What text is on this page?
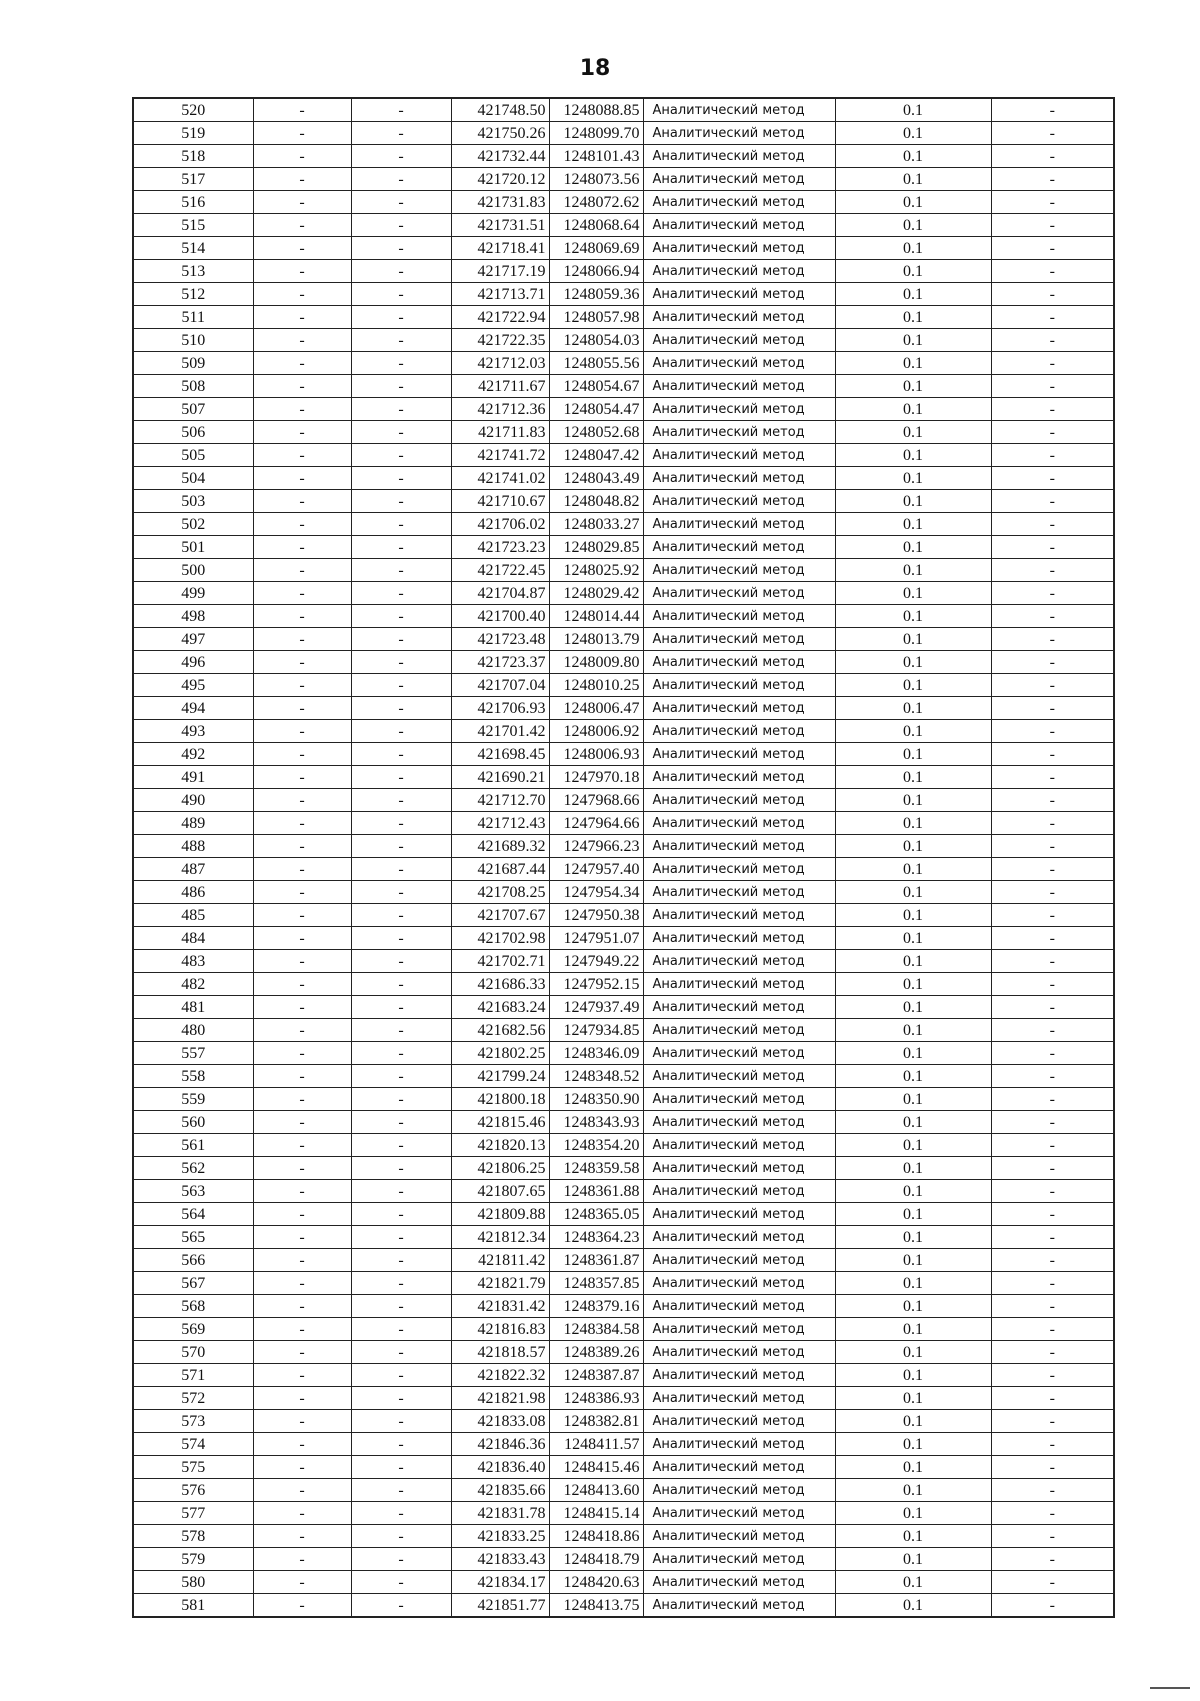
18
520	-	-	421748.50	1248088.85	Аналитический метод	0.1	-
519	-	-	421750.26	1248099.70	Аналитический метод	0.1	-
518	-	-	421732.44	1248101.43	Аналитический метод	0.1	-
517	-	-	421720.12	1248073.56	Аналитический метод	0.1	-
516	-	-	421731.83	1248072.62	Аналитический метод	0.1	-
515	-	-	421731.51	1248068.64	Аналитический метод	0.1	-
514	-	-	421718.41	1248069.69	Аналитический метод	0.1	-
513	-	-	421717.19	1248066.94	Аналитический метод	0.1	-
512	-	-	421713.71	1248059.36	Аналитический метод	0.1	-
511	-	-	421722.94	1248057.98	Аналитический метод	0.1	-
510	-	-	421722.35	1248054.03	Аналитический метод	0.1	-
509	-	-	421712.03	1248055.56	Аналитический метод	0.1	-
508	-	-	421711.67	1248054.67	Аналитический метод	0.1	-
507	-	-	421712.36	1248054.47	Аналитический метод	0.1	-
506	-	-	421711.83	1248052.68	Аналитический метод	0.1	-
505	-	-	421741.72	1248047.42	Аналитический метод	0.1	-
504	-	-	421741.02	1248043.49	Аналитический метод	0.1	-
503	-	-	421710.67	1248048.82	Аналитический метод	0.1	-
502	-	-	421706.02	1248033.27	Аналитический метод	0.1	-
501	-	-	421723.23	1248029.85	Аналитический метод	0.1	-
500	-	-	421722.45	1248025.92	Аналитический метод	0.1	-
499	-	-	421704.87	1248029.42	Аналитический метод	0.1	-
498	-	-	421700.40	1248014.44	Аналитический метод	0.1	-
497	-	-	421723.48	1248013.79	Аналитический метод	0.1	-
496	-	-	421723.37	1248009.80	Аналитический метод	0.1	-
495	-	-	421707.04	1248010.25	Аналитический метод	0.1	-
494	-	-	421706.93	1248006.47	Аналитический метод	0.1	-
493	-	-	421701.42	1248006.92	Аналитический метод	0.1	-
492	-	-	421698.45	1248006.93	Аналитический метод	0.1	-
491	-	-	421690.21	1247970.18	Аналитический метод	0.1	-
490	-	-	421712.70	1247968.66	Аналитический метод	0.1	-
489	-	-	421712.43	1247964.66	Аналитический метод	0.1	-
488	-	-	421689.32	1247966.23	Аналитический метод	0.1	-
487	-	-	421687.44	1247957.40	Аналитический метод	0.1	-
486	-	-	421708.25	1247954.34	Аналитический метод	0.1	-
485	-	-	421707.67	1247950.38	Аналитический метод	0.1	-
484	-	-	421702.98	1247951.07	Аналитический метод	0.1	-
483	-	-	421702.71	1247949.22	Аналитический метод	0.1	-
482	-	-	421686.33	1247952.15	Аналитический метод	0.1	-
481	-	-	421683.24	1247937.49	Аналитический метод	0.1	-
480	-	-	421682.56	1247934.85	Аналитический метод	0.1	-
557	-	-	421802.25	1248346.09	Аналитический метод	0.1	-
558	-	-	421799.24	1248348.52	Аналитический метод	0.1	-
559	-	-	421800.18	1248350.90	Аналитический метод	0.1	-
560	-	-	421815.46	1248343.93	Аналитический метод	0.1	-
561	-	-	421820.13	1248354.20	Аналитический метод	0.1	-
562	-	-	421806.25	1248359.58	Аналитический метод	0.1	-
563	-	-	421807.65	1248361.88	Аналитический метод	0.1	-
564	-	-	421809.88	1248365.05	Аналитический метод	0.1	-
565	-	-	421812.34	1248364.23	Аналитический метод	0.1	-
566	-	-	421811.42	1248361.87	Аналитический метод	0.1	-
567	-	-	421821.79	1248357.85	Аналитический метод	0.1	-
568	-	-	421831.42	1248379.16	Аналитический метод	0.1	-
569	-	-	421816.83	1248384.58	Аналитический метод	0.1	-
570	-	-	421818.57	1248389.26	Аналитический метод	0.1	-
571	-	-	421822.32	1248387.87	Аналитический метод	0.1	-
572	-	-	421821.98	1248386.93	Аналитический метод	0.1	-
573	-	-	421833.08	1248382.81	Аналитический метод	0.1	-
574	-	-	421846.36	1248411.57	Аналитический метод	0.1	-
575	-	-	421836.40	1248415.46	Аналитический метод	0.1	-
576	-	-	421835.66	1248413.60	Аналитический метод	0.1	-
577	-	-	421831.78	1248415.14	Аналитический метод	0.1	-
578	-	-	421833.25	1248418.86	Аналитический метод	0.1	-
579	-	-	421833.43	1248418.79	Аналитический метод	0.1	-
580	-	-	421834.17	1248420.63	Аналитический метод	0.1	-
581	-	-	421851.77	1248413.75	Аналитический метод	0.1	-
